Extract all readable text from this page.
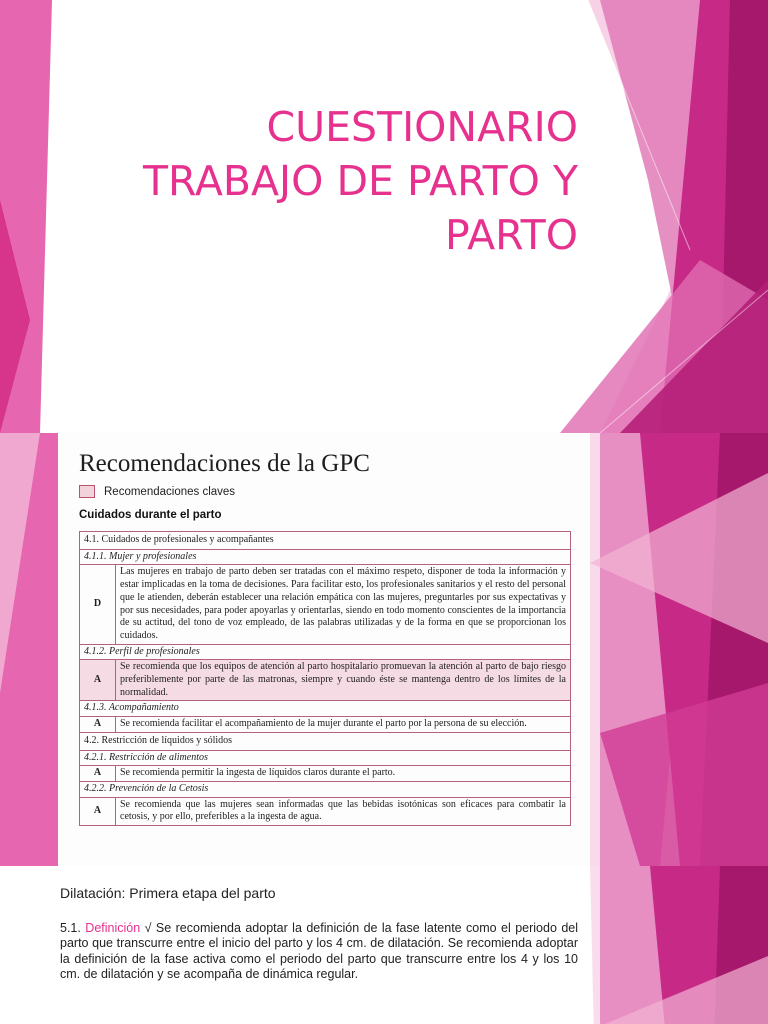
CUESTIONARIO
TRABAJO DE PARTO Y
PARTO
Recomendaciones de la GPC
Recomendaciones claves
Cuidados durante el parto
4.1. Cuidados de profesionales y acompañantes	
4.1.1. Mujer y profesionales	
D	Las mujeres en trabajo de parto deben ser tratadas con el máximo respeto, disponer de toda la información y estar implicadas en la toma de decisiones. Para facilitar esto, los profesionales sanitarios y el resto del personal que le atienden, deberán establecer una relación empática con las mujeres, preguntarles por sus expectativas y por sus necesidades, para poder apoyarlas y orientarlas, siendo en todo momento conscientes de la importancia de su actitud, del tono de voz empleado, de las palabras utilizadas y de la forma en que se proporcionan los cuidados.
4.1.2. Perfil de profesionales	
A	Se recomienda que los equipos de atención al parto hospitalario promuevan la atención al parto de bajo riesgo preferiblemente por parte de las matronas, siempre y cuando éste se mantenga dentro de los límites de la normalidad.
4.1.3. Acompañamiento	
A	Se recomienda facilitar el acompañamiento de la mujer durante el parto por la persona de su elección.
4.2. Restricción de líquidos y sólidos	
4.2.1. Restricción de alimentos	
A	Se recomienda permitir la ingesta de líquidos claros durante el parto.
4.2.2. Prevención de la Cetosis	
A	Se recomienda que las mujeres sean informadas que las bebidas isotónicas son eficaces para combatir la cetosis, y por ello, preferibles a la ingesta de agua.
Dilatación: Primera etapa del parto
5.1. Definición √ Se recomienda adoptar la definición de la fase latente como el periodo del parto que transcurre entre el inicio del parto y los 4 cm. de dilatación. Se recomienda adoptar la definición de la fase activa como el periodo del parto que transcurre entre los 4 y los 10 cm. de dilatación y se acompaña de dinámica regular.
